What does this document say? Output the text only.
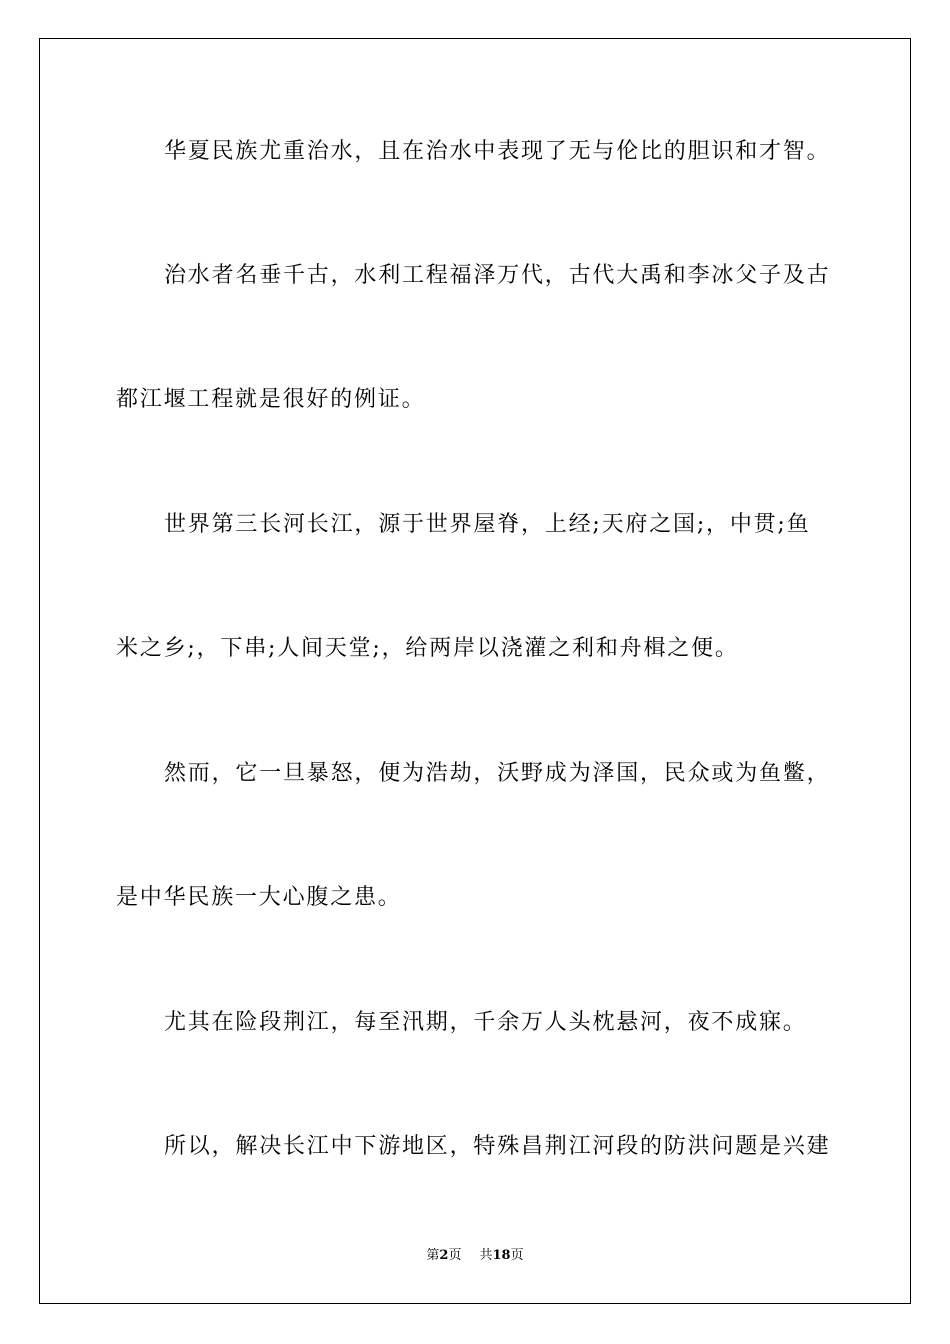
华夏民族尤重治水，且在治水中表现了无与伦比的胆识和才智。
治水者名垂千古，水利工程福泽万代，古代大禹和李冰父子及古
都江堰工程就是很好的例证。
世界第三长河长江，源于世界屋脊，上经;天府之国;，中贯;鱼
米之乡;，下串;人间天堂;，给两岸以浇灌之利和舟楫之便。
然而，它一旦暴怒，便为浩劫，沃野成为泽国，民众或为鱼鳖，
是中华民族一大心腹之患。
尤其在险段荆江，每至汛期，千余万人头枕悬河，夜不成寐。
所以，解决长江中下游地区，特殊昌荆江河段的防洪问题是兴建
第2页 共18页
